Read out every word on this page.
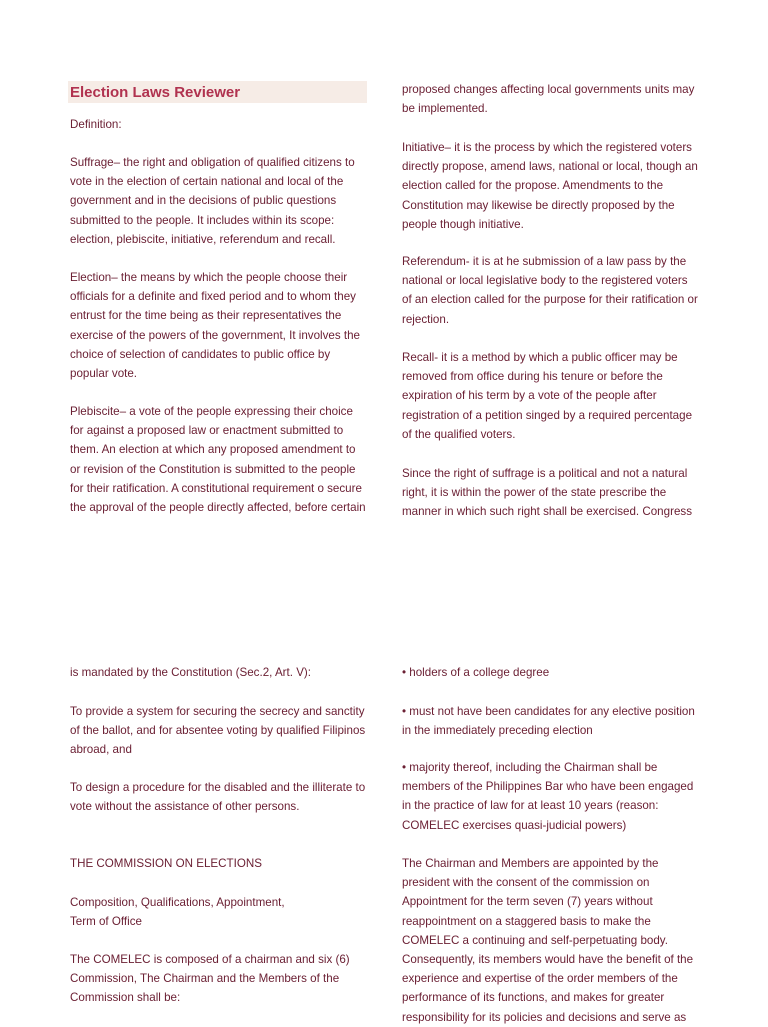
Election Laws Reviewer

Definition:

Suffrage– the right and obligation of qualified citizens to
vote in the election of certain national and local of the
government and in the decisions of public questions
submitted to the people. It includes within its scope:
election, plebiscite, initiative, referendum and recall.

Election– the means by which the people choose their
officials for a definite and fixed period and to whom they
entrust for the time being as their representatives the
exercise of the powers of the government, It involves the
choice of selection of candidates to public office by
popular vote.

Plebiscite– a vote of the people expressing their choice
for against a proposed law or enactment submitted to
them. An election at which any proposed amendment to
or revision of the Constitution is submitted to the people
for their ratification. A constitutional requirement o secure
the approval of the people directly affected, before certain

proposed changes affecting local governments units may
be implemented.

Initiative– it is the process by which the registered voters
directly propose, amend laws, national or local, though an
election called for the propose. Amendments to the
Constitution may likewise be directly proposed by the
people though initiative.

Referendum- it is at he submission of a law pass by the
national or local legislative body to the registered voters
of an election called for the purpose for their ratification or
rejection.

Recall- it is a method by which a public officer may be
removed from office during his tenure or before the
expiration of his term by a vote of the people after
registration of a petition singed by a required percentage
of the qualified voters.

Since the right of suffrage is a political and not a natural
right, it is within the power of the state prescribe the
manner in which such right shall be exercised. Congress

is mandated by the Constitution (Sec.2, Art. V):

To provide a system for securing the secrecy and sanctity
of the ballot, and for absentee voting by qualified Filipinos
abroad, and

To design a procedure for the disabled and the illiterate to
vote without the assistance of other persons.

THE COMMISSION ON ELECTIONS

Composition, Qualifications, Appointment,
Term of Office

The COMELEC is composed of a chairman and six (6)
Commission, The Chairman and the Members of the
Commission shall be:

• holders of a college degree

• must not have been candidates for any elective position
in the immediately preceding election

• majority thereof, including the Chairman shall be
members of the Philippines Bar who have been engaged
in the practice of law for at least 10 years (reason:
COMELEC exercises quasi-judicial powers)

The Chairman and Members are appointed by the
president with the consent of the commission on
Appointment for the term seven (7) years without
reappointment on a staggered basis to make the
COMELEC a continuing and self-perpetuating body.
Consequently, its members would have the benefit of the
experience and expertise of the order members of the
performance of its functions, and makes for greater
responsibility for its policies and decisions and serve as
